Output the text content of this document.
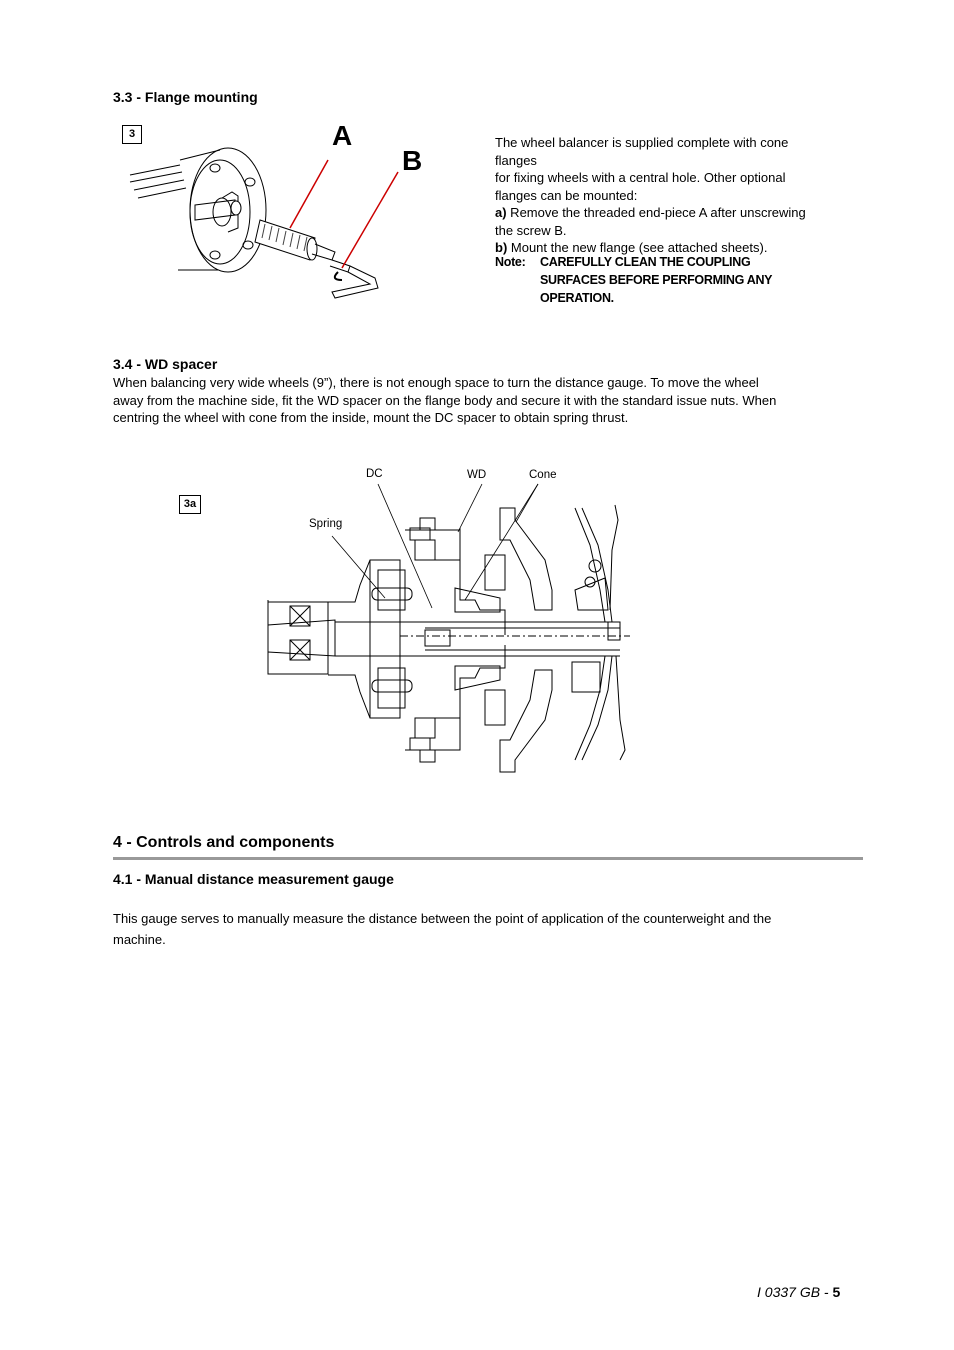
3.3 - Flange mounting
3	A
B
The wheel balancer is supplied complete with cone
flanges
for fixing wheels with a central hole. Other optional
flanges can be mounted:
a) Remove the threaded end-piece A after unscrewing
the screw B.
b) Mount the new flange (see attached sheets).
Note: CAREFULLY CLEAN THE COUPLING
SURFACES BEFORE PERFORMING ANY
OPERATION.
3.4 - WD spacer
When balancing very wide wheels (9”), there is not enough space to turn the distance gauge. To move the wheel
away from the machine side, fit the WD spacer on the flange body and secure it with the standard issue nuts. When
centring the wheel with cone from the inside, mount the DC spacer to obtain spring thrust.
3a
DC	WD	Cone
Spring
4 - Controls and components
4.1 - Manual distance measurement gauge
This gauge serves to manually measure the distance between the point of application of the counterweight and the
machine.
I 0337 GB - 5
